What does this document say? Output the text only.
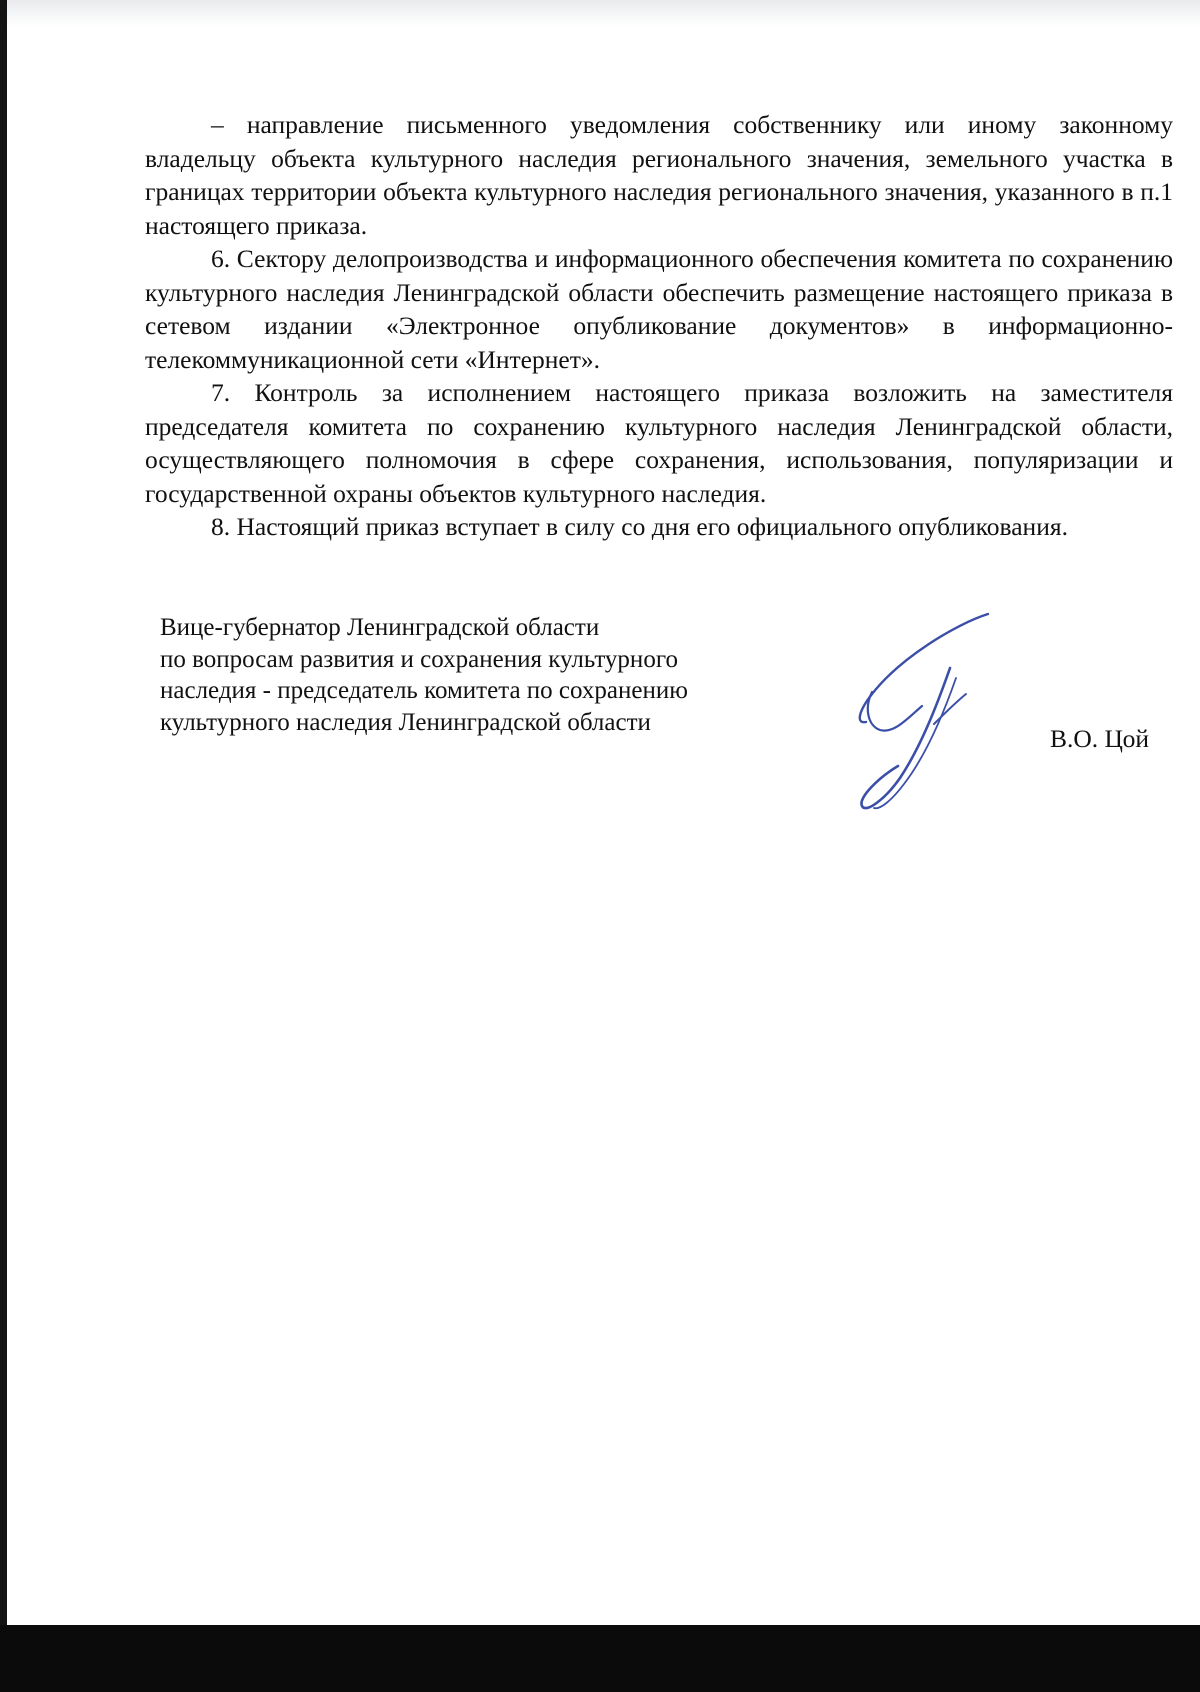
– направление письменного уведомления собственнику или иному законному владельцу объекта культурного наследия регионального значения, земельного участка в границах территории объекта культурного наследия регионального значения, указанного в п.1 настоящего приказа.

6. Сектору делопроизводства и информационного обеспечения комитета по сохранению культурного наследия Ленинградской области обеспечить размещение настоящего приказа в сетевом издании «Электронное опубликование документов» в информационно-телекоммуникационной сети «Интернет».

7. Контроль за исполнением настоящего приказа возложить на заместителя председателя комитета по сохранению культурного наследия Ленинградской области, осуществляющего полномочия в сфере сохранения, использования, популяризации и государственной охраны объектов культурного наследия.

8. Настоящий приказ вступает в силу со дня его официального опубликования.

Вице-губернатор Ленинградской области
по вопросам развития и сохранения культурного
наследия - председатель комитета по сохранению
культурного наследия Ленинградской области
В.О. Цой
